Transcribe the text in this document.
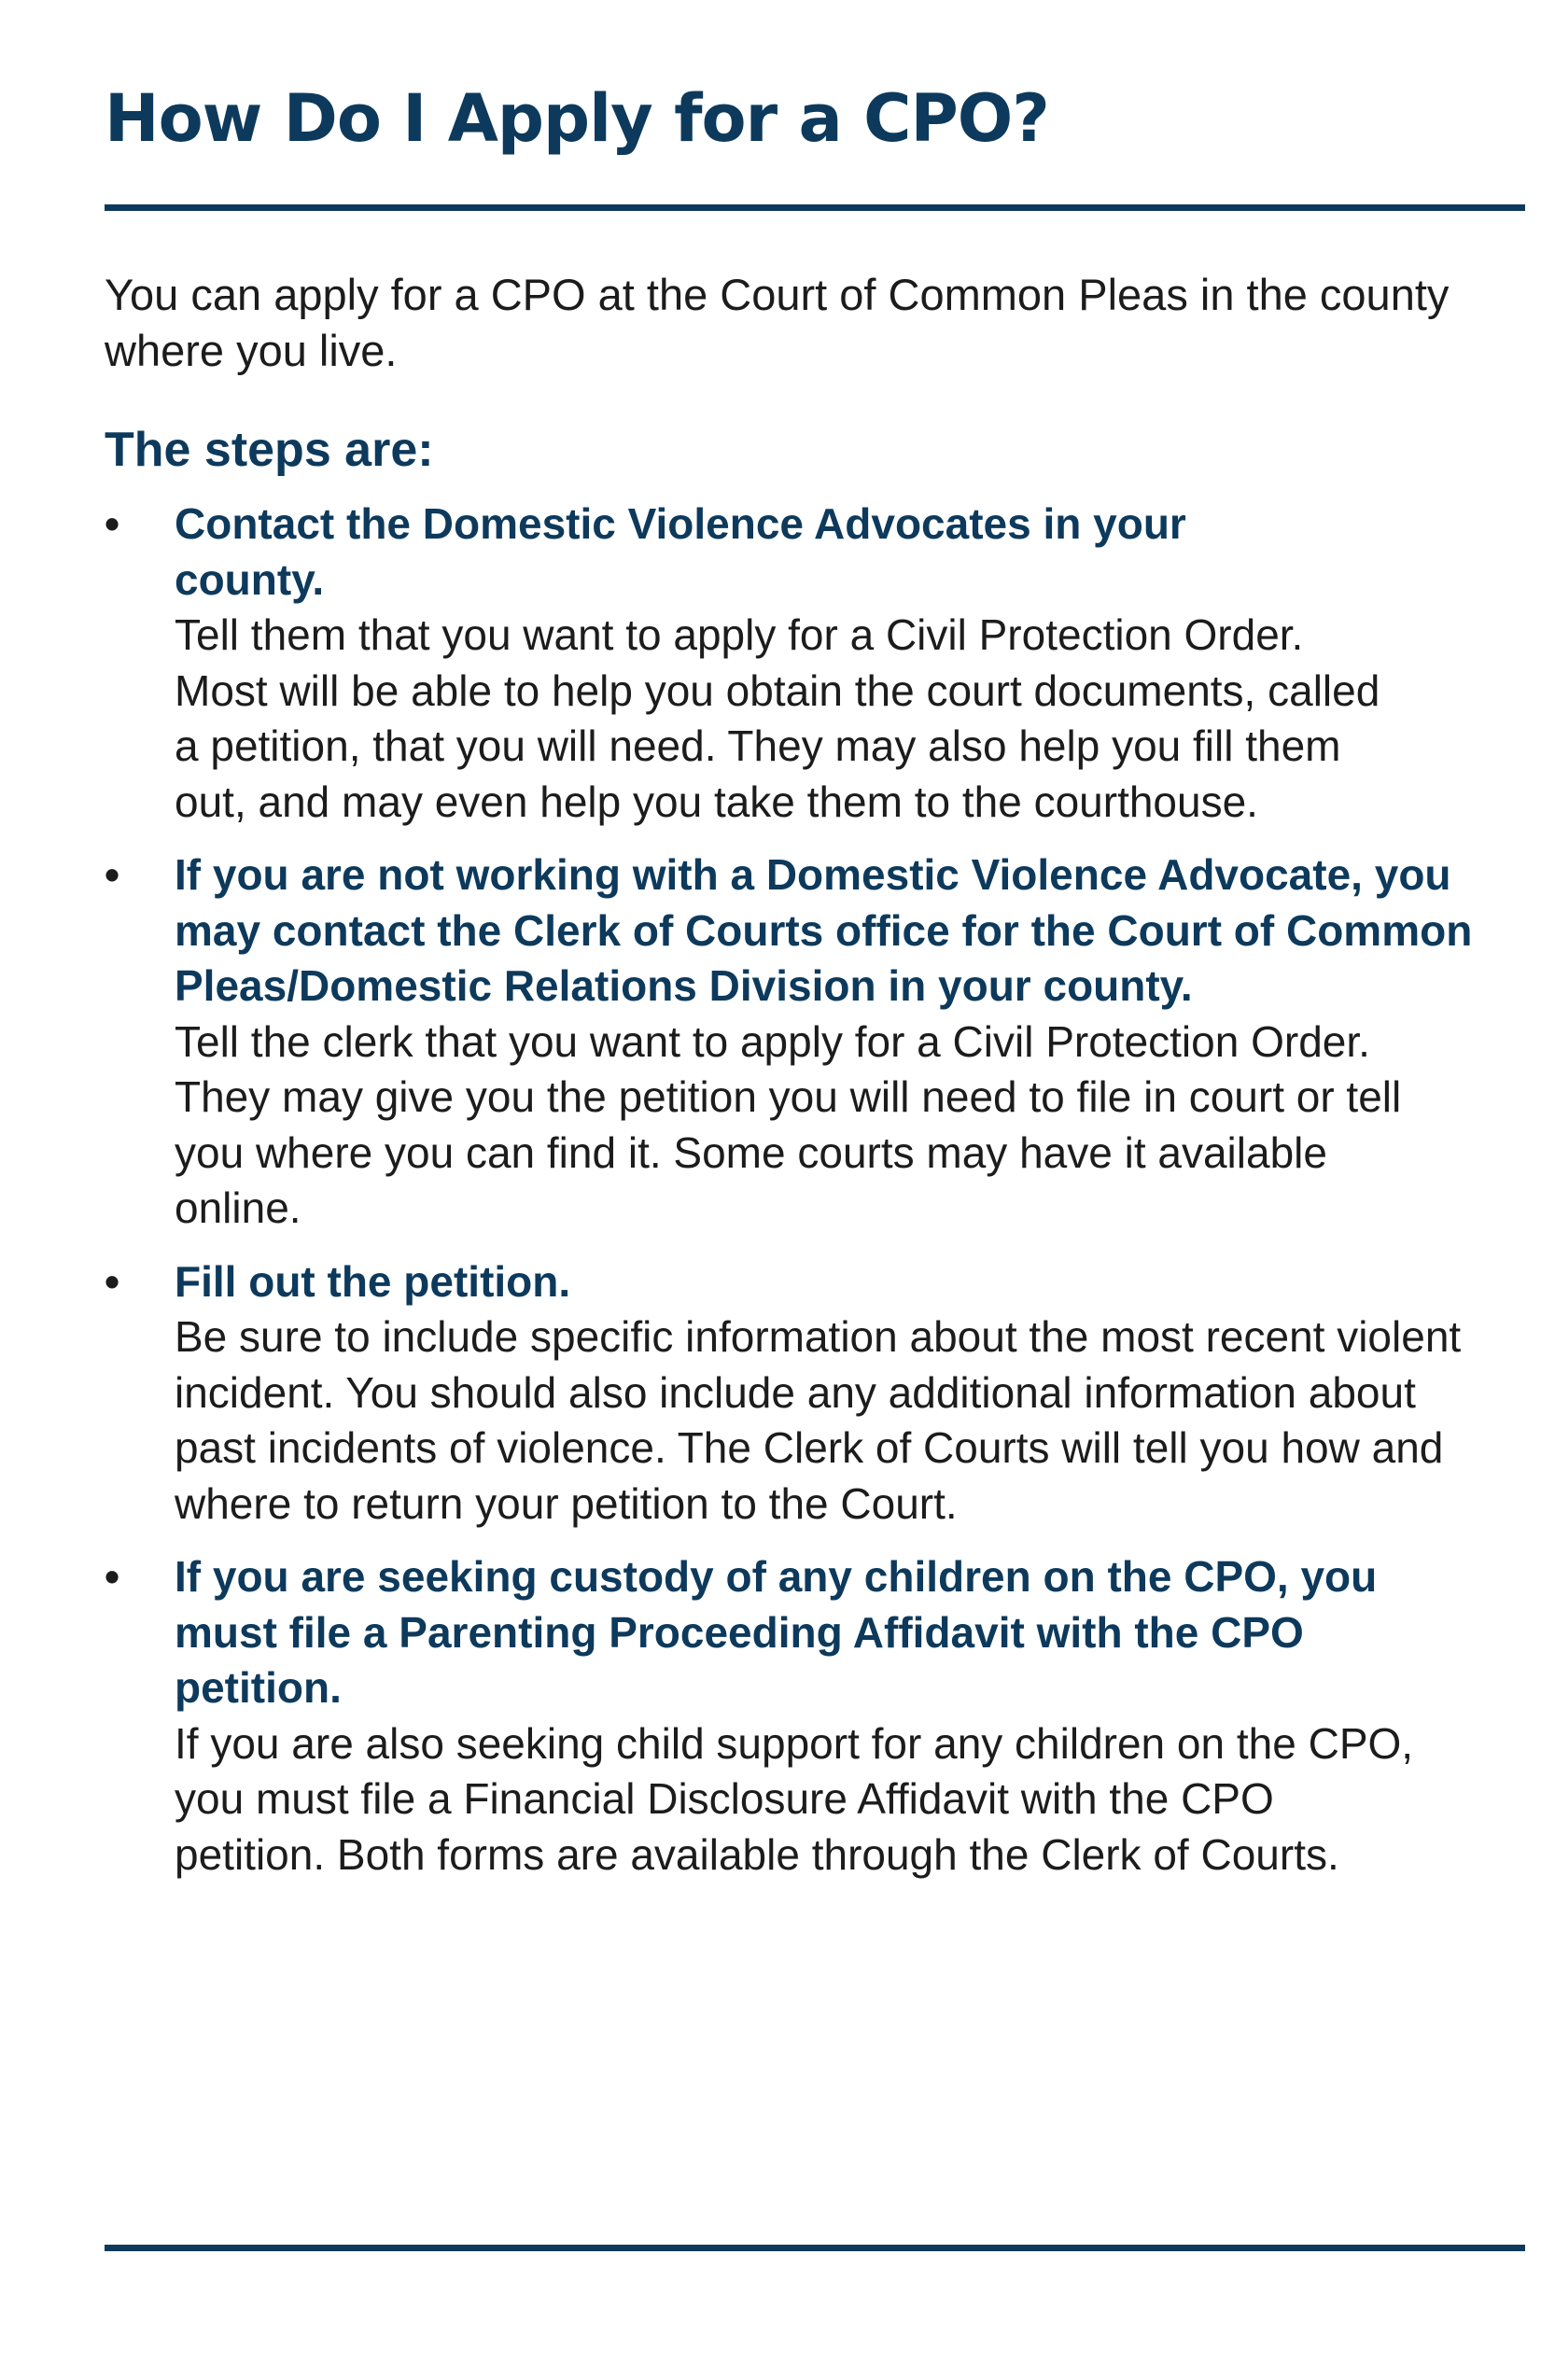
How Do I Apply for a CPO?

You can apply for a CPO at the Court of Common Pleas in the county where you live.

The steps are:
• Contact the Domestic Violence Advocates in your county.
Tell them that you want to apply for a Civil Protection Order. Most will be able to help you obtain the court documents, called a petition, that you will need. They may also help you fill them out, and may even help you take them to the courthouse.
• If you are not working with a Domestic Violence Advocate, you may contact the Clerk of Courts office for the Court of Common Pleas/Domestic Relations Division in your county.
Tell the clerk that you want to apply for a Civil Protection Order. They may give you the petition you will need to file in court or tell you where you can find it. Some courts may have it available online.
• Fill out the petition.
Be sure to include specific information about the most recent violent incident. You should also include any additional information about past incidents of violence. The Clerk of Courts will tell you how and where to return your petition to the Court.
• If you are seeking custody of any children on the CPO, you must file a Parenting Proceeding Affidavit with the CPO petition.
If you are also seeking child support for any children on the CPO, you must file a Financial Disclosure Affidavit with the CPO petition. Both forms are available through the Clerk of Courts.
